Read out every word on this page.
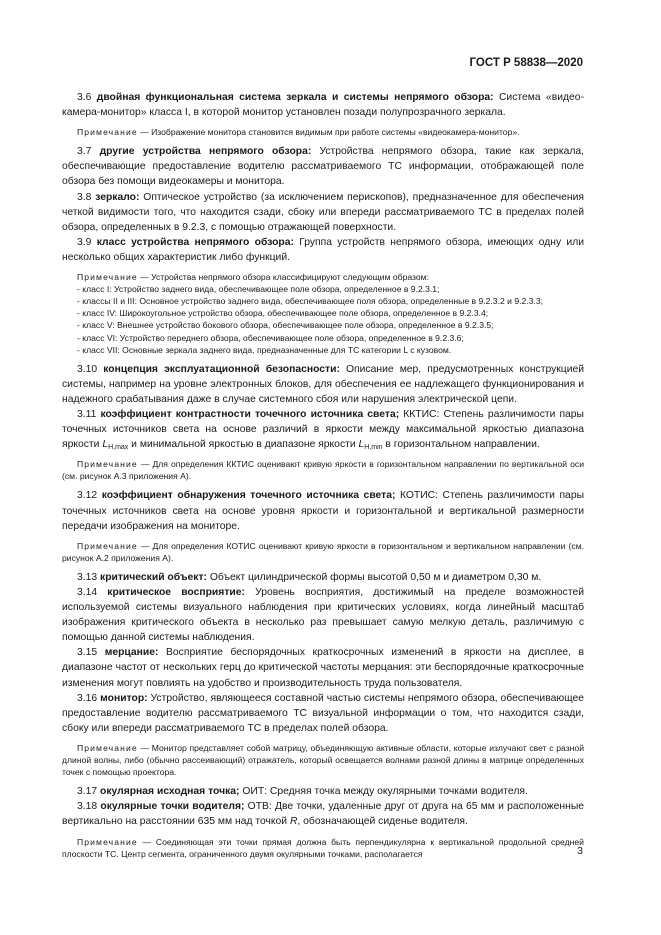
ГОСТ Р 58838—2020

3.6 двойная функциональная система зеркала и системы непрямого обзора: Система «видео-камера-монитор» класса I, в которой монитор установлен позади полупрозрачного зеркала.

Примечание — Изображение монитора становится видимым при работе системы «видеокамера-монитор».

3.7 другие устройства непрямого обзора: Устройства непрямого обзора, такие как зеркала, обеспечивающие предоставление водителю рассматриваемого ТС информации, отображающей поле обзора без помощи видеокамеры и монитора.

3.8 зеркало: Оптическое устройство (за исключением перископов), предназначенное для обеспечения четкой видимости того, что находится сзади, сбоку или впереди рассматриваемого ТС в пределах полей обзора, определенных в 9.2.3, с помощью отражающей поверхности.

3.9 класс устройства непрямого обзора: Группа устройств непрямого обзора, имеющих одну или несколько общих характеристик либо функций.

Примечание — Устройства непрямого обзора классифицируют следующим образом:

- класс I: Устройство заднего вида, обеспечивающее поле обзора, определенное в 9.2.3.1;

- классы II и III: Основное устройство заднего вида, обеспечивающее поля обзора, определенные в 9.2.3.2 и 9.2.3.3;

- класс IV: Широкоугольное устройство обзора, обеспечивающее поле обзора, определенное в 9.2.3.4;

- класс V: Внешнее устройство бокового обзора, обеспечивающее поле обзора, определенное в 9.2.3.5;

- класс VI: Устройство переднего обзора, обеспечивающее поле обзора, определенное в 9.2.3.6;

- класс VII: Основные зеркала заднего вида, предназначенные для ТС категории L с кузовом.

3.10 концепция эксплуатационной безопасности: Описание мер, предусмотренных конструкцией системы, например на уровне электронных блоков, для обеспечения ее надлежащего функционирования и надежного срабатывания даже в случае системного сбоя или нарушения электрической цепи.

3.11 коэффициент контрастности точечного источника света; ККТИС: Степень различимости пары точечных источников света на основе различий в яркости между максимальной яркостью диапазона яркости $L_{H,max}$ и минимальной яркостью в диапазоне яркости $L_{H,min}$ в горизонтальном направлении.

Примечание — Для определения ККТИС оценивают кривую яркости в горизонтальном направлении по вертикальной оси (см. рисунок А.3 приложения А).

3.12 коэффициент обнаружения точечного источника света; КОТИС: Степень различимости пары точечных источников света на основе уровня яркости и горизонтальной и вертикальной размерности передачи изображения на мониторе.

Примечание — Для определения КОТИС оценивают кривую яркости в горизонтальном и вертикальном направлении (см. рисунок А.2 приложения А).

3.13 критический объект: Объект цилиндрической формы высотой 0,50 м и диаметром 0,30 м.

3.14 критическое восприятие: Уровень восприятия, достижимый на пределе возможностей используемой системы визуального наблюдения при критических условиях, когда линейный масштаб изображения критического объекта в несколько раз превышает самую мелкую деталь, различимую с помощью данной системы наблюдения.

3.15 мерцание: Восприятие беспорядочных краткосрочных изменений в яркости на дисплее, в диапазоне частот от нескольких герц до критической частоты мерцания: эти беспорядочные краткосрочные изменения могут повлиять на удобство и производительность труда пользователя.

3.16 монитор: Устройство, являющееся составной частью системы непрямого обзора, обеспечивающее предоставление водителю рассматриваемого ТС визуальной информации о том, что находится сзади, сбоку или впереди рассматриваемого ТС в пределах полей обзора.

Примечание — Монитор представляет собой матрицу, объединяющую активные области, которые излучают свет с разной длиной волны, либо (обычно рассеивающий) отражатель, который освещается волнами разной длины в матрице определенных точек с помощью проектора.

3.17 окулярная исходная точка; ОИТ: Средняя точка между окулярными точками водителя.

3.18 окулярные точки водителя; ОТВ: Две точки, удаленные друг от друга на 65 мм и расположенные вертикально на расстоянии 635 мм над точкой R, обозначающей сиденье водителя.

Примечание — Соединяющая эти точки прямая должна быть перпендикулярна к вертикальной продольной средней плоскости ТС. Центр сегмента, ограниченного двумя окулярными точками, располагается	3
